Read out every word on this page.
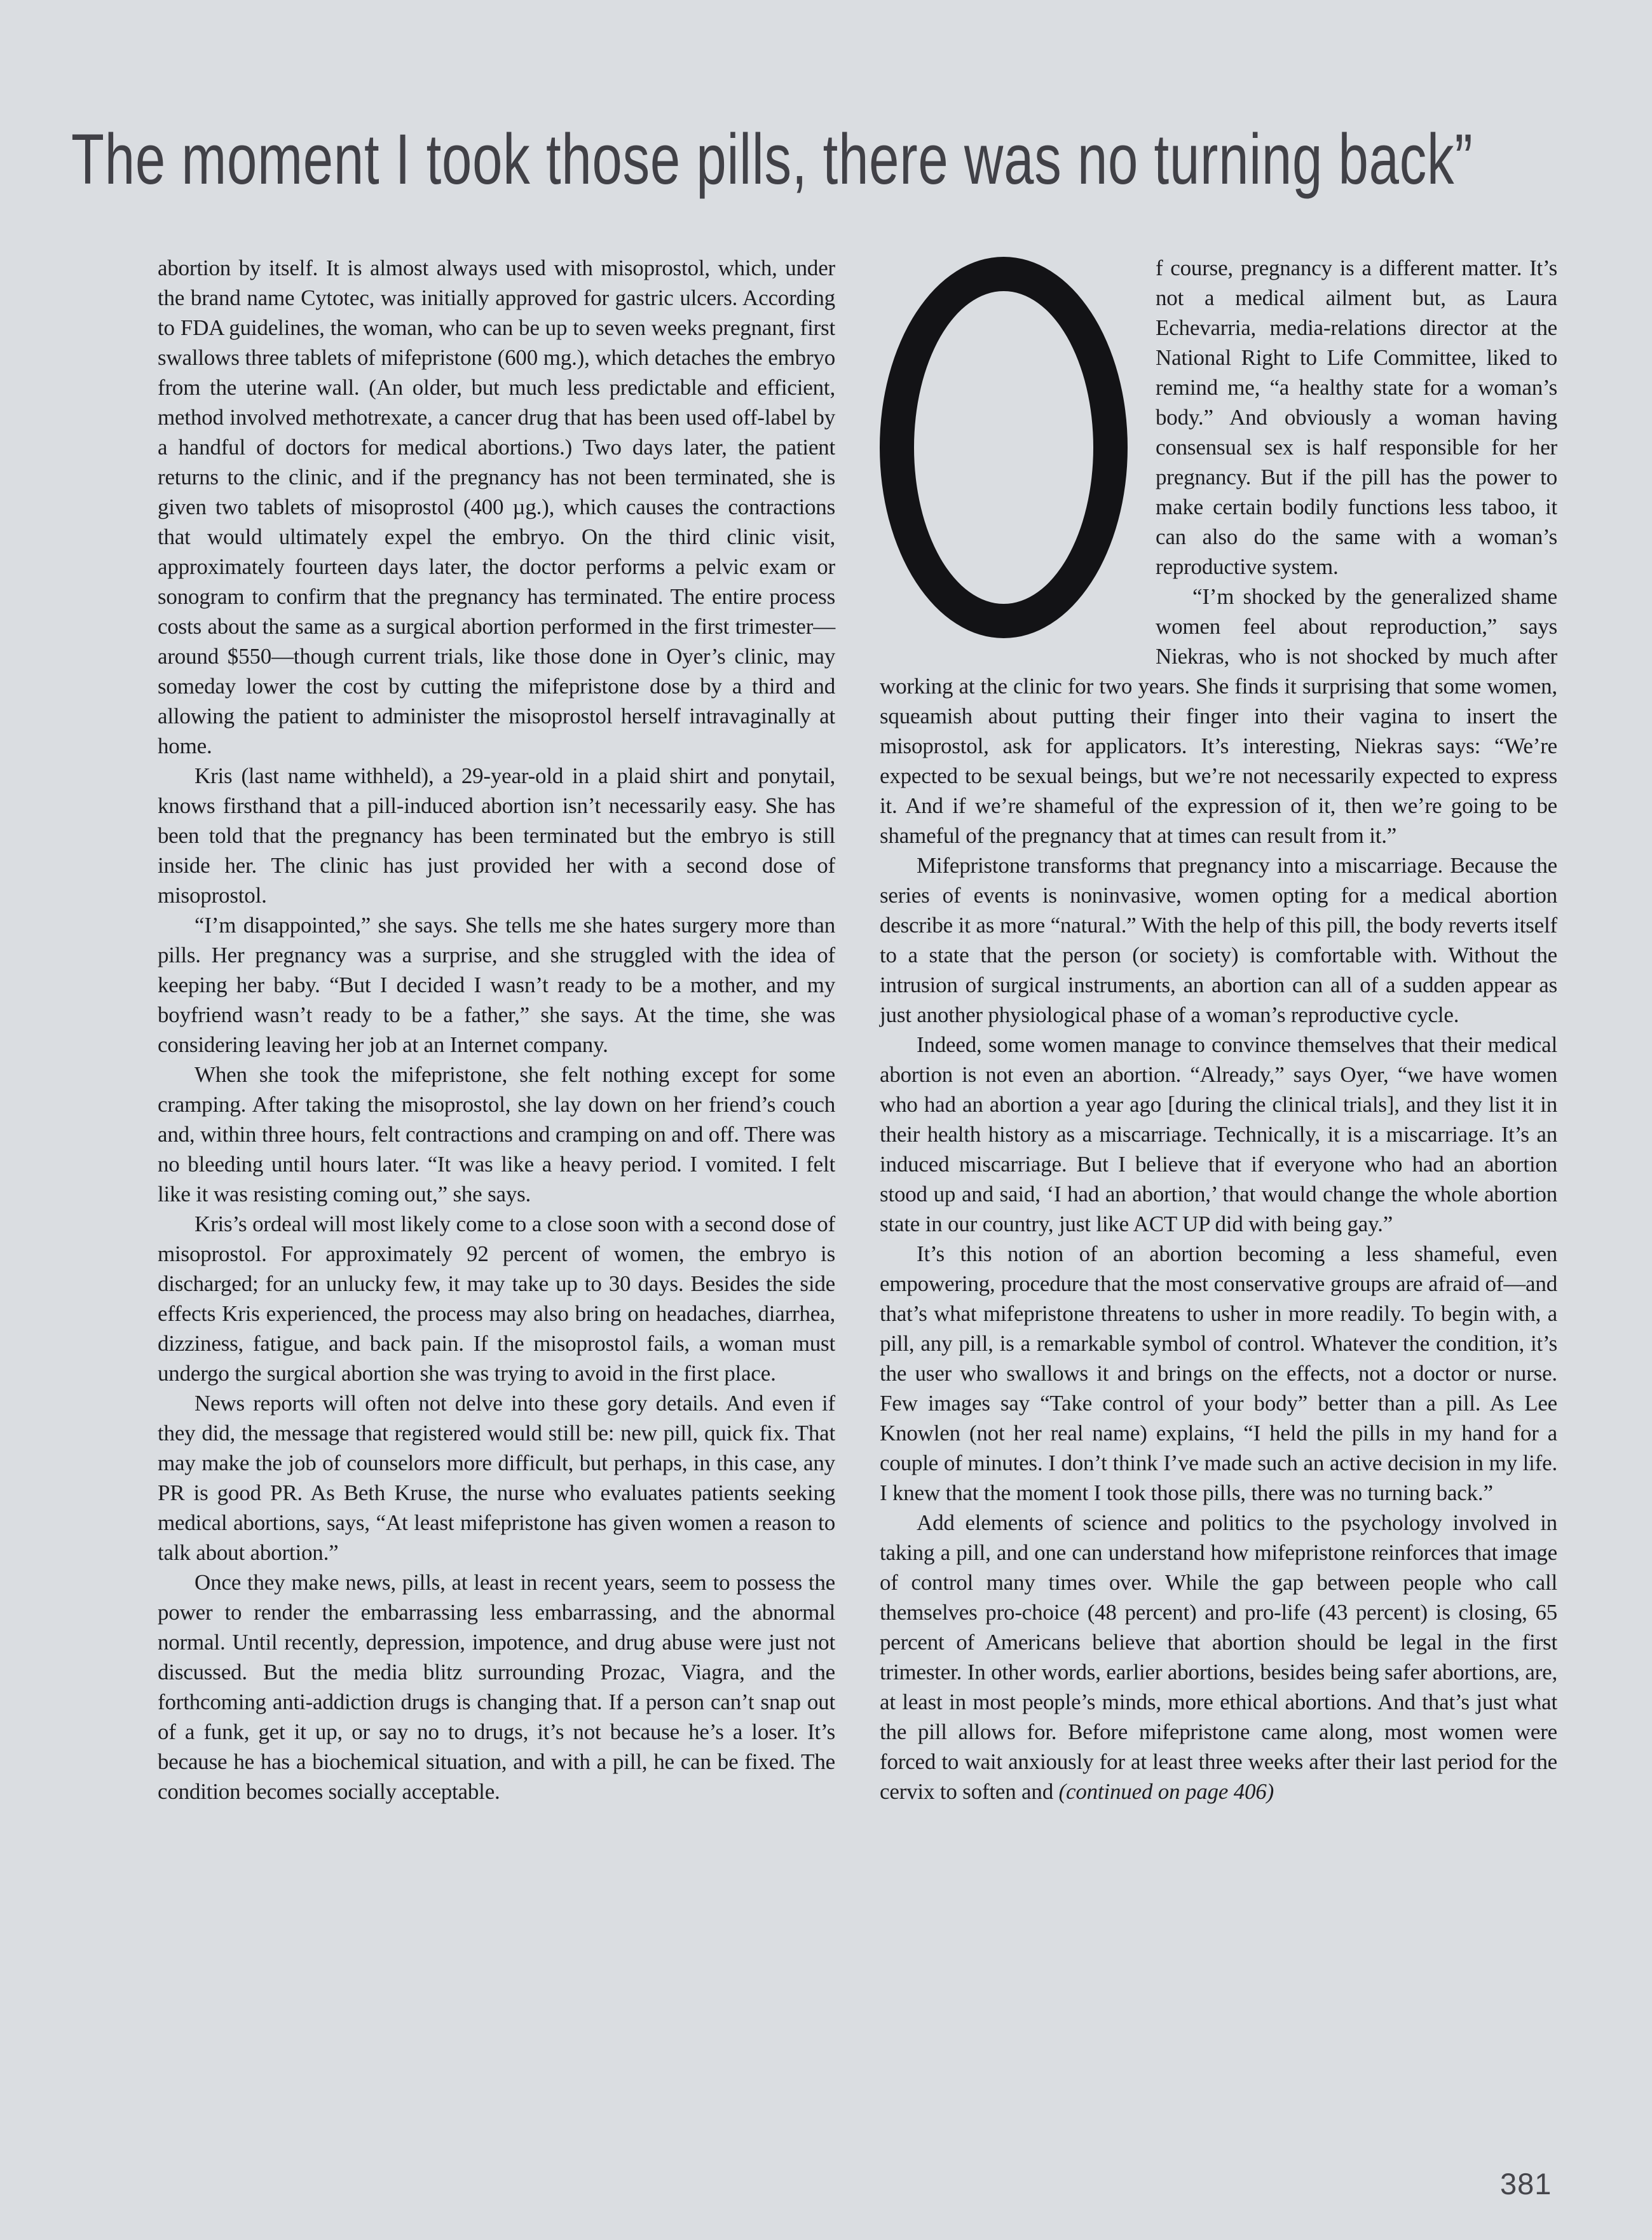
The moment I took those pills, there was no turning back”

abortion by itself. It is almost always used with misoprostol, which, under the brand name Cytotec, was initially approved for gastric ulcers. According to FDA guidelines, the woman, who can be up to seven weeks pregnant, first swallows three tablets of mifepristone (600 mg.), which detaches the embryo from the uterine wall. (An older, but much less predictable and efficient, method involved methotrexate, a cancer drug that has been used off-label by a handful of doctors for medical abortions.) Two days later, the patient returns to the clinic, and if the pregnancy has not been terminated, she is given two tablets of misoprostol (400 µg.), which causes the contractions that would ultimately expel the embryo. On the third clinic visit, approximately fourteen days later, the doctor performs a pelvic exam or sonogram to confirm that the pregnancy has terminated. The entire process costs about the same as a surgical abortion performed in the first trimester—around $550—though current trials, like those done in Oyer’s clinic, may someday lower the cost by cutting the mifepristone dose by a third and allowing the patient to administer the misoprostol herself intravaginally at home.

Kris (last name withheld), a 29-year-old in a plaid shirt and ponytail, knows firsthand that a pill-induced abortion isn’t necessarily easy. She has been told that the pregnancy has been terminated but the embryo is still inside her. The clinic has just provided her with a second dose of misoprostol.

“I’m disappointed,” she says. She tells me she hates surgery more than pills. Her pregnancy was a surprise, and she struggled with the idea of keeping her baby. “But I decided I wasn’t ready to be a mother, and my boyfriend wasn’t ready to be a father,” she says. At the time, she was considering leaving her job at an Internet company.

When she took the mifepristone, she felt nothing except for some cramping. After taking the misoprostol, she lay down on her friend’s couch and, within three hours, felt contractions and cramping on and off. There was no bleeding until hours later. “It was like a heavy period. I vomited. I felt like it was resisting coming out,” she says.

Kris’s ordeal will most likely come to a close soon with a second dose of misoprostol. For approximately 92 percent of women, the embryo is discharged; for an unlucky few, it may take up to 30 days. Besides the side effects Kris experienced, the process may also bring on headaches, diarrhea, dizziness, fatigue, and back pain. If the misoprostol fails, a woman must undergo the surgical abortion she was trying to avoid in the first place.

News reports will often not delve into these gory details. And even if they did, the message that registered would still be: new pill, quick fix. That may make the job of counselors more difficult, but perhaps, in this case, any PR is good PR. As Beth Kruse, the nurse who evaluates patients seeking medical abortions, says, “At least mifepristone has given women a reason to talk about abortion.”

Once they make news, pills, at least in recent years, seem to possess the power to render the embarrassing less embarrassing, and the abnormal normal. Until recently, depression, impotence, and drug abuse were just not discussed. But the media blitz surrounding Prozac, Viagra, and the forthcoming anti-addiction drugs is changing that. If a person can’t snap out of a funk, get it up, or say no to drugs, it’s not because he’s a loser. It’s because he has a biochemical situation, and with a pill, he can be fixed. The condition becomes socially acceptable.

f course, pregnancy is a different matter. It’s not a medical ailment but, as Laura Echevarria, media-relations director at the National Right to Life Committee, liked to remind me, “a healthy state for a woman’s body.” And obviously a woman having consensual sex is half responsible for her pregnancy. But if the pill has the power to make certain bodily functions less taboo, it can also do the same with a woman’s reproductive system.

“I’m shocked by the generalized shame women feel about reproduction,” says Niekras, who is not shocked by much after working at the clinic for two years. She finds it surprising that some women, squeamish about putting their finger into their vagina to insert the misoprostol, ask for applicators. It’s interesting, Niekras says: “We’re expected to be sexual beings, but we’re not necessarily expected to express it. And if we’re shameful of the expression of it, then we’re going to be shameful of the pregnancy that at times can result from it.”

Mifepristone transforms that pregnancy into a miscarriage. Because the series of events is noninvasive, women opting for a medical abortion describe it as more “natural.” With the help of this pill, the body reverts itself to a state that the person (or society) is comfortable with. Without the intrusion of surgical instruments, an abortion can all of a sudden appear as just another physiological phase of a woman’s reproductive cycle.

Indeed, some women manage to convince themselves that their medical abortion is not even an abortion. “Already,” says Oyer, “we have women who had an abortion a year ago [during the clinical trials], and they list it in their health history as a miscarriage. Technically, it is a miscarriage. It’s an induced miscarriage. But I believe that if everyone who had an abortion stood up and said, ‘I had an abortion,’ that would change the whole abortion state in our country, just like ACT UP did with being gay.”

It’s this notion of an abortion becoming a less shameful, even empowering, procedure that the most conservative groups are afraid of—and that’s what mifepristone threatens to usher in more readily. To begin with, a pill, any pill, is a remarkable symbol of control. Whatever the condition, it’s the user who swallows it and brings on the effects, not a doctor or nurse. Few images say “Take control of your body” better than a pill. As Lee Knowlen (not her real name) explains, “I held the pills in my hand for a couple of minutes. I don’t think I’ve made such an active decision in my life. I knew that the moment I took those pills, there was no turning back.”

Add elements of science and politics to the psychology involved in taking a pill, and one can understand how mifepristone reinforces that image of control many times over. While the gap between people who call themselves pro-choice (48 percent) and pro-life (43 percent) is closing, 65 percent of Americans believe that abortion should be legal in the first trimester. In other words, earlier abortions, besides being safer abortions, are, at least in most people’s minds, more ethical abortions. And that’s just what the pill allows for. Before mifepristone came along, most women were forced to wait anxiously for at least three weeks after their last period for the cervix to soften and (continued on page 406)

381
